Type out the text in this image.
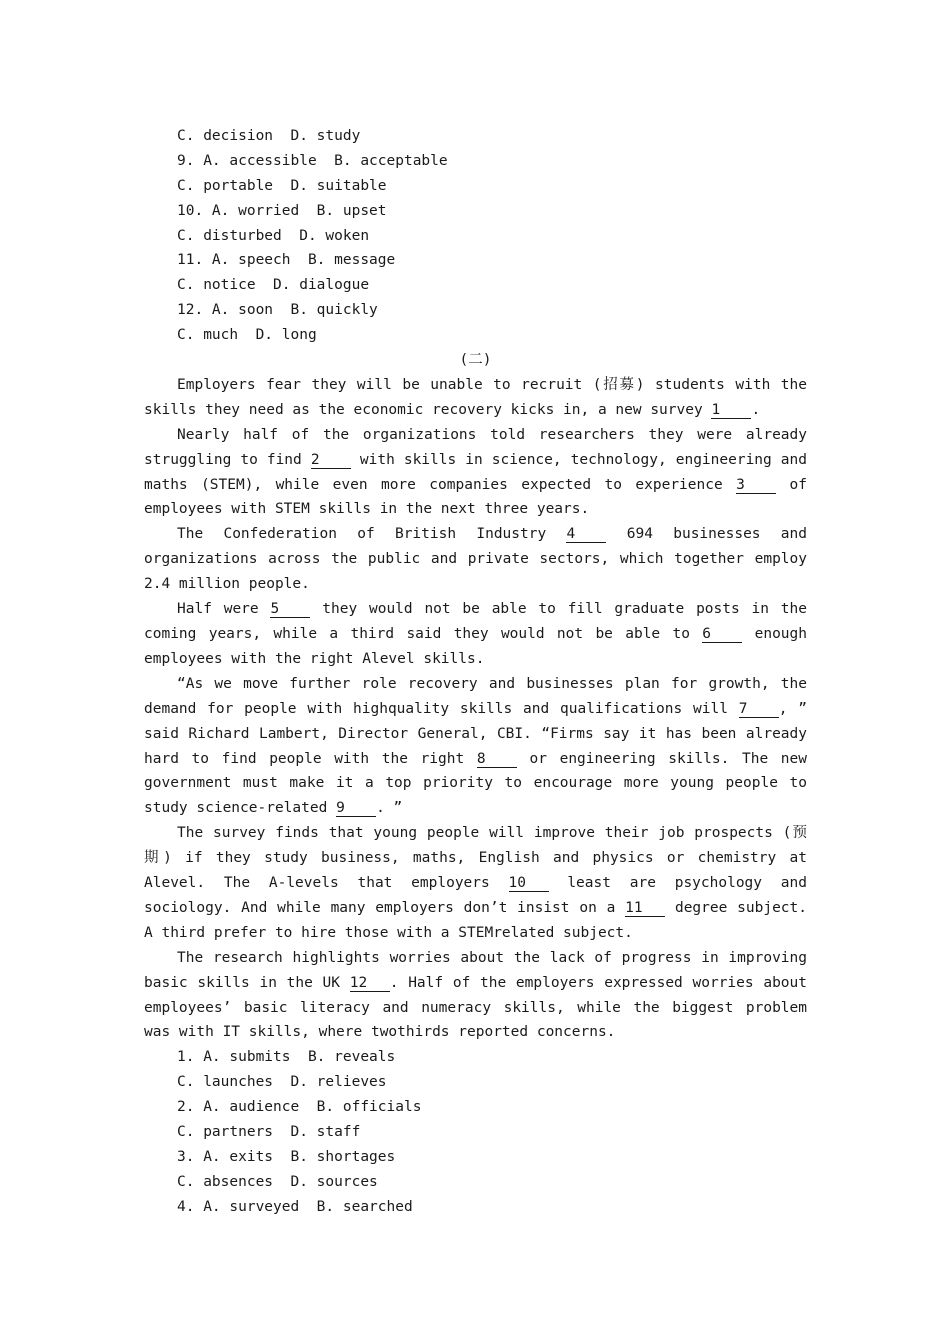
C. decision  D. study
9. A. accessible  B. acceptable
C. portable  D. suitable
10. A. worried  B. upset
C. disturbed  D. woken
11. A. speech  B. message
C. notice  D. dialogue
12. A. soon  B. quickly
C. much  D. long
(二)

Employers fear they will be unable to recruit (招募) students with the skills they need as the economic recovery kicks in, a new survey 1 .

Nearly half of the organizations told researchers they were already struggling to find 2 with skills in science, technology, engineering and maths (STEM), while even more companies expected to experience 3 of employees with STEM skills in the next three years.

The Confederation of British Industry 4 694 businesses and organizations across the public and private sectors, which together employ 2.4 million people.

Half were 5 they would not be able to fill graduate posts in the coming years, while a third said they would not be able to 6 enough employees with the right Alevel skills.

“As we move further role recovery and businesses plan for growth, the demand for people with highquality skills and qualifications will 7 , ” said Richard Lambert, Director General, CBI. “Firms say it has been already hard to find people with the right 8 or engineering skills. The new government must make it a top priority to encourage more young people to study science-related 9 . ”

The survey finds that young people will improve their job prospects (预期) if they study business, maths, English and physics or chemistry at Alevel. The A-levels that employers 10 least are psychology and sociology. And while many employers don’t insist on a 11 degree subject. A third prefer to hire those with a STEMrelated subject.

The research highlights worries about the lack of progress in improving basic skills in the UK 12 . Half of the employers expressed worries about employees’ basic literacy and numeracy skills, while the biggest problem was with IT skills, where twothirds reported concerns.

1. A. submits  B. reveals
C. launches  D. relieves
2. A. audience  B. officials
C. partners  D. staff
3. A. exits  B. shortages
C. absences  D. sources
4. A. surveyed  B. searched
